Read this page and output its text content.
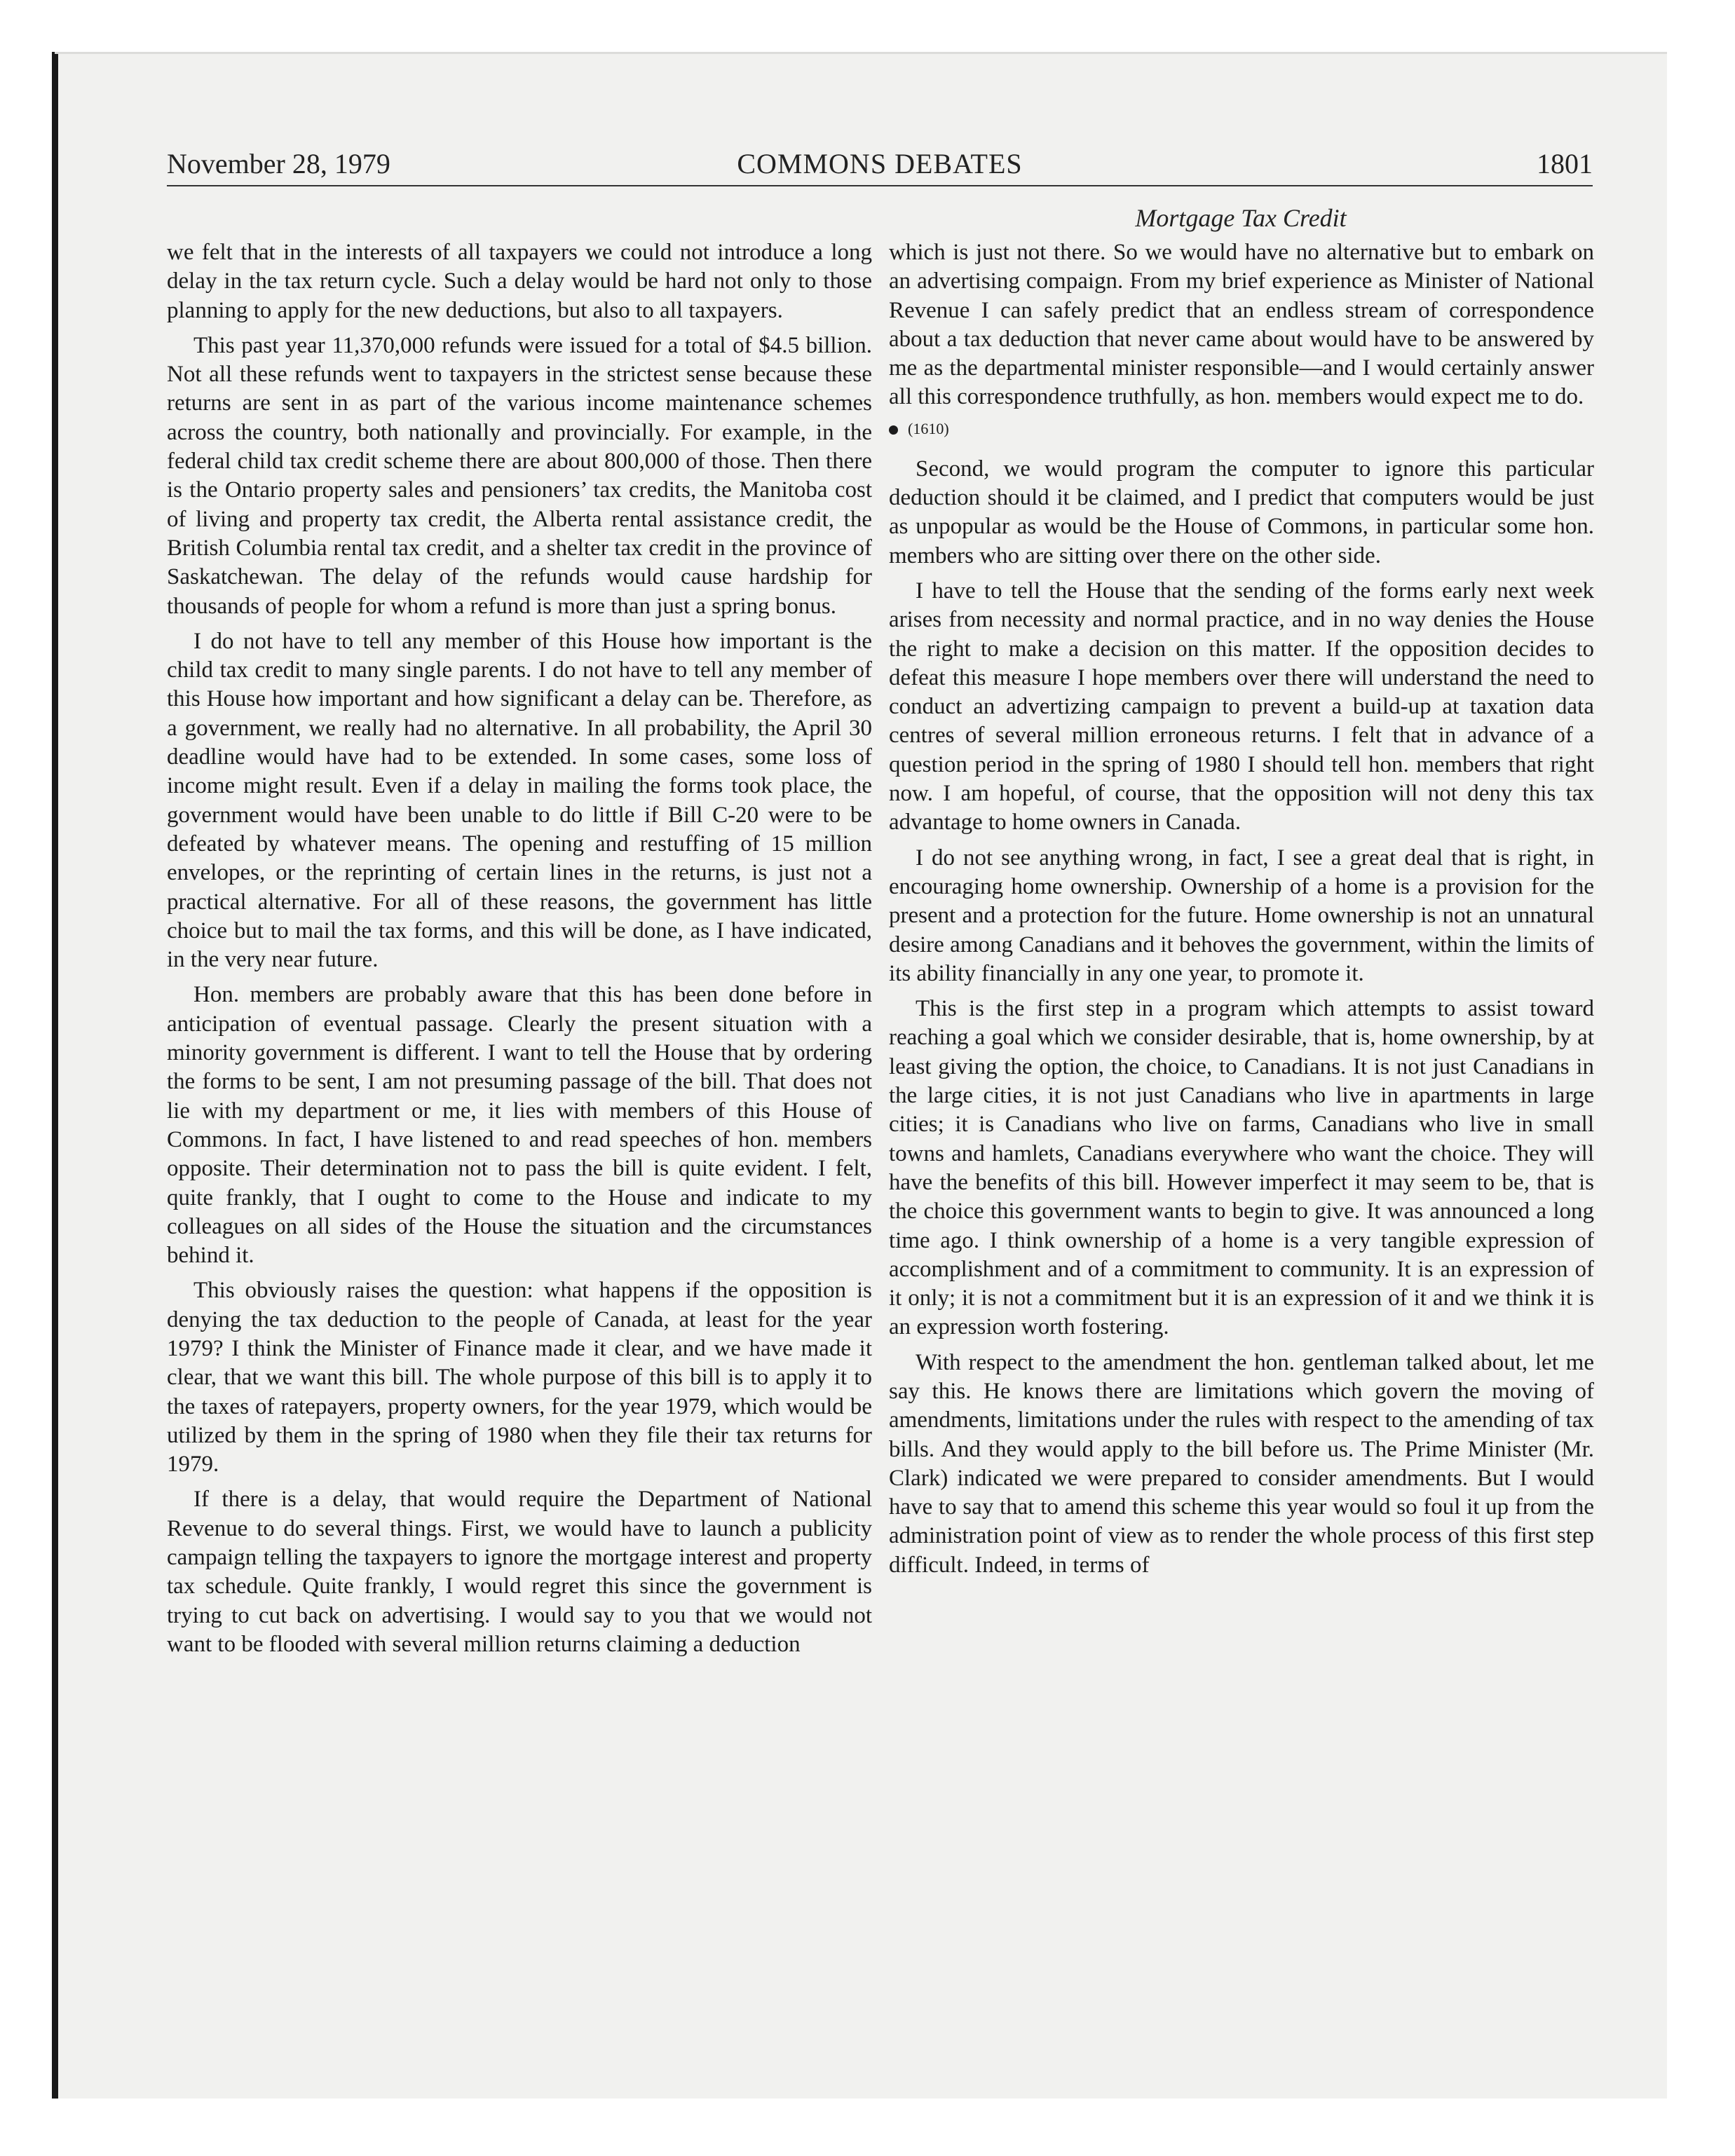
November 28, 1979	COMMONS DEBATES	1801
Mortgage Tax Credit

we felt that in the interests of all taxpayers we could not introduce a long delay in the tax return cycle. Such a delay would be hard not only to those planning to apply for the new deductions, but also to all taxpayers.

This past year 11,370,000 refunds were issued for a total of $4.5 billion. Not all these refunds went to taxpayers in the strictest sense because these returns are sent in as part of the various income maintenance schemes across the country, both nationally and provincially. For example, in the federal child tax credit scheme there are about 800,000 of those. Then there is the Ontario property sales and pensioners’ tax credits, the Manitoba cost of living and property tax credit, the Alberta rental assistance credit, the British Columbia rental tax credit, and a shelter tax credit in the province of Saskatchewan. The delay of the refunds would cause hardship for thousands of people for whom a refund is more than just a spring bonus.

I do not have to tell any member of this House how important is the child tax credit to many single parents. I do not have to tell any member of this House how important and how significant a delay can be. Therefore, as a government, we really had no alternative. In all probability, the April 30 deadline would have had to be extended. In some cases, some loss of income might result. Even if a delay in mailing the forms took place, the government would have been unable to do little if Bill C-20 were to be defeated by whatever means. The opening and restuffing of 15 million envelopes, or the reprinting of certain lines in the returns, is just not a practical alternative. For all of these reasons, the government has little choice but to mail the tax forms, and this will be done, as I have indicated, in the very near future.

Hon. members are probably aware that this has been done before in anticipation of eventual passage. Clearly the present situation with a minority government is different. I want to tell the House that by ordering the forms to be sent, I am not presuming passage of the bill. That does not lie with my department or me, it lies with members of this House of Commons. In fact, I have listened to and read speeches of hon. members opposite. Their determination not to pass the bill is quite evident. I felt, quite frankly, that I ought to come to the House and indicate to my colleagues on all sides of the House the situation and the circumstances behind it.

This obviously raises the question: what happens if the opposition is denying the tax deduction to the people of Canada, at least for the year 1979? I think the Minister of Finance made it clear, and we have made it clear, that we want this bill. The whole purpose of this bill is to apply it to the taxes of ratepayers, property owners, for the year 1979, which would be utilized by them in the spring of 1980 when they file their tax returns for 1979.

If there is a delay, that would require the Department of National Revenue to do several things. First, we would have to launch a publicity campaign telling the taxpayers to ignore the mortgage interest and property tax schedule. Quite frankly, I would regret this since the government is trying to cut back on advertising. I would say to you that we would not want to be flooded with several million returns claiming a deduction

which is just not there. So we would have no alternative but to embark on an advertising compaign. From my brief experience as Minister of National Revenue I can safely predict that an endless stream of correspondence about a tax deduction that never came about would have to be answered by me as the departmental minister responsible—and I would certainly answer all this correspondence truthfully, as hon. members would expect me to do.

(1610)

Second, we would program the computer to ignore this particular deduction should it be claimed, and I predict that computers would be just as unpopular as would be the House of Commons, in particular some hon. members who are sitting over there on the other side.

I have to tell the House that the sending of the forms early next week arises from necessity and normal practice, and in no way denies the House the right to make a decision on this matter. If the opposition decides to defeat this measure I hope members over there will understand the need to conduct an advertizing campaign to prevent a build-up at taxation data centres of several million erroneous returns. I felt that in advance of a question period in the spring of 1980 I should tell hon. members that right now. I am hopeful, of course, that the opposition will not deny this tax advantage to home owners in Canada.

I do not see anything wrong, in fact, I see a great deal that is right, in encouraging home ownership. Ownership of a home is a provision for the present and a protection for the future. Home ownership is not an unnatural desire among Canadians and it behoves the government, within the limits of its ability financially in any one year, to promote it.

This is the first step in a program which attempts to assist toward reaching a goal which we consider desirable, that is, home ownership, by at least giving the option, the choice, to Canadians. It is not just Canadians in the large cities, it is not just Canadians who live in apartments in large cities; it is Canadians who live on farms, Canadians who live in small towns and hamlets, Canadians everywhere who want the choice. They will have the benefits of this bill. However imperfect it may seem to be, that is the choice this government wants to begin to give. It was announced a long time ago. I think ownership of a home is a very tangible expression of accomplishment and of a commitment to community. It is an expression of it only; it is not a commitment but it is an expression of it and we think it is an expression worth fostering.

With respect to the amendment the hon. gentleman talked about, let me say this. He knows there are limitations which govern the moving of amendments, limitations under the rules with respect to the amending of tax bills. And they would apply to the bill before us. The Prime Minister (Mr. Clark) indicated we were prepared to consider amendments. But I would have to say that to amend this scheme this year would so foul it up from the administration point of view as to render the whole process of this first step difficult. Indeed, in terms of
